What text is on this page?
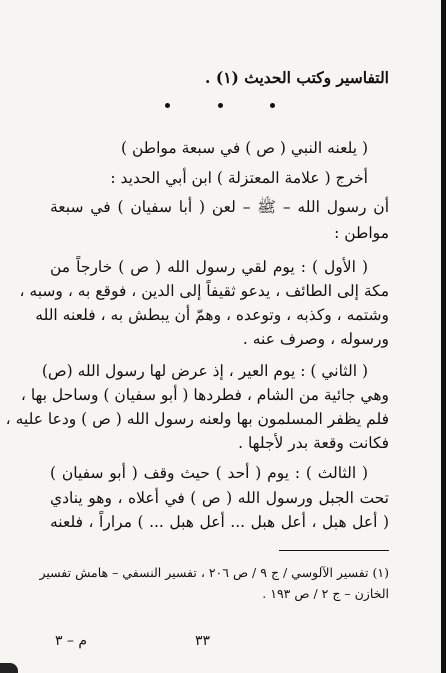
التفاسير وكتب الحديث (١) .
( يلعنه النبي ( ص ) في سبعة مواطن )
أخرج ( علامة المعتزلة ) ابن أبي الحديد :
أن رسول الله – ﷺ – لعن ( أبا سفيان ) في سبعة
مواطن :
( الأول ) : يوم لقي رسول الله ( ص ) خارجاً من
مكة إلى الطائف ، يدعو ثقيفاً إلى الدين ، فوقع به ، وسبه ،
وشتمه ، وكذبه ، وتوعده ، وهمّ أن يبطش به ، فلعنه الله
ورسوله ، وصرف عنه .
( الثاني ) : يوم العير ، إذ عرض لها رسول الله (ص)
وهي جائية من الشام ، فطردها ( أبو سفيان ) وساحل بها ،
فلم يظفر المسلمون بها ولعنه رسول الله ( ص ) ودعا عليه ،
فكانت وقعة بدر لأجلها .
( الثالث ) : يوم ( أحد ) حيث وقف ( أبو سفيان )
تحت الجبل ورسول الله ( ص ) في أعلاه ، وهو ينادي
( أعل هبل ، أعل هبل ... أعل هبل ... ) مراراً ، فلعنه
(١) تفسير الآلوسي / ج ٩ / ص ٢٠٦ ، تفسير النسفي – هامش تفسير
الخازن – ج ٢ / ص ١٩٣ .
٣٣
م – ٣
